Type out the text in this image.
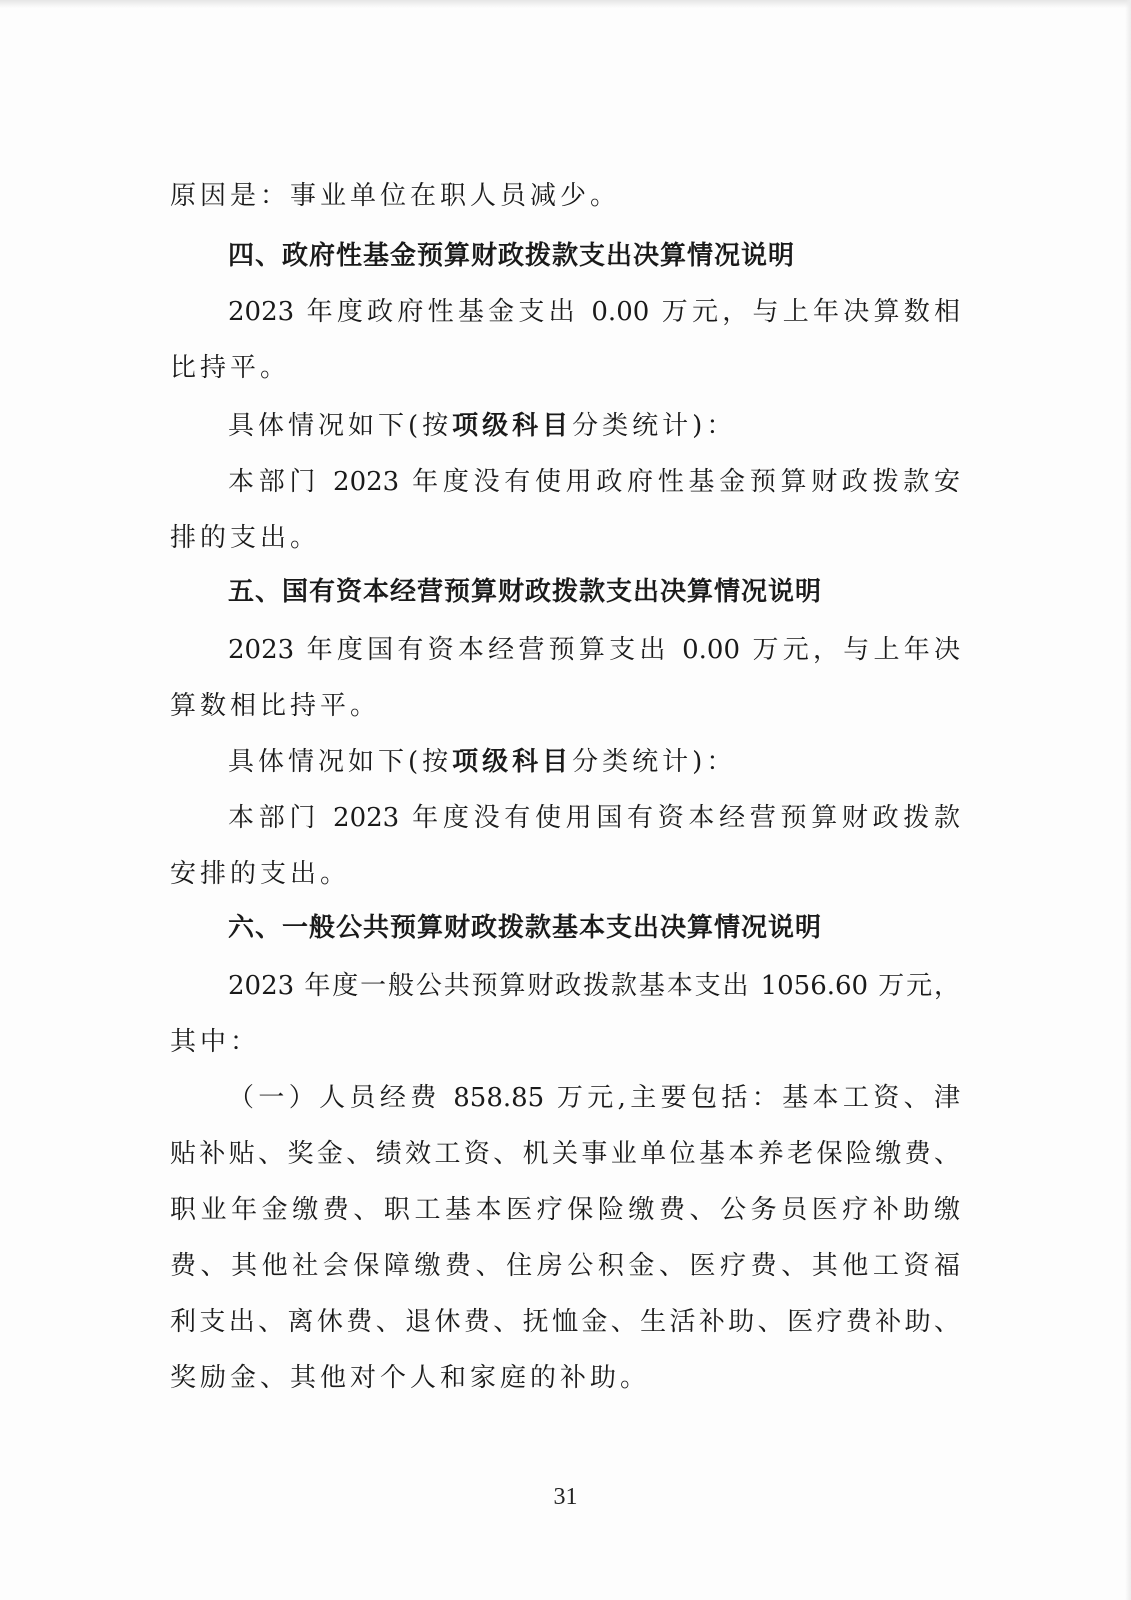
原因是：事业单位在职人员减少。
四、政府性基金预算财政拨款支出决算情况说明
2023 年度政府性基金支出 0.00 万元，与上年决算数相
比持平。
具体情况如下(按项级科目分类统计)：
本部门 2023 年度没有使用政府性基金预算财政拨款安
排的支出。
五、国有资本经营预算财政拨款支出决算情况说明
2023 年度国有资本经营预算支出 0.00 万元，与上年决
算数相比持平。
具体情况如下(按项级科目分类统计)：
本部门 2023 年度没有使用国有资本经营预算财政拨款
安排的支出。
六、一般公共预算财政拨款基本支出决算情况说明
2023 年度一般公共预算财政拨款基本支出 1056.60 万元，
其中：
（一）人员经费 858.85 万元,主要包括：基本工资、津
贴补贴、奖金、绩效工资、机关事业单位基本养老保险缴费、
职业年金缴费、职工基本医疗保险缴费、公务员医疗补助缴
费、其他社会保障缴费、住房公积金、医疗费、其他工资福
利支出、离休费、退休费、抚恤金、生活补助、医疗费补助、
奖励金、其他对个人和家庭的补助。
31
